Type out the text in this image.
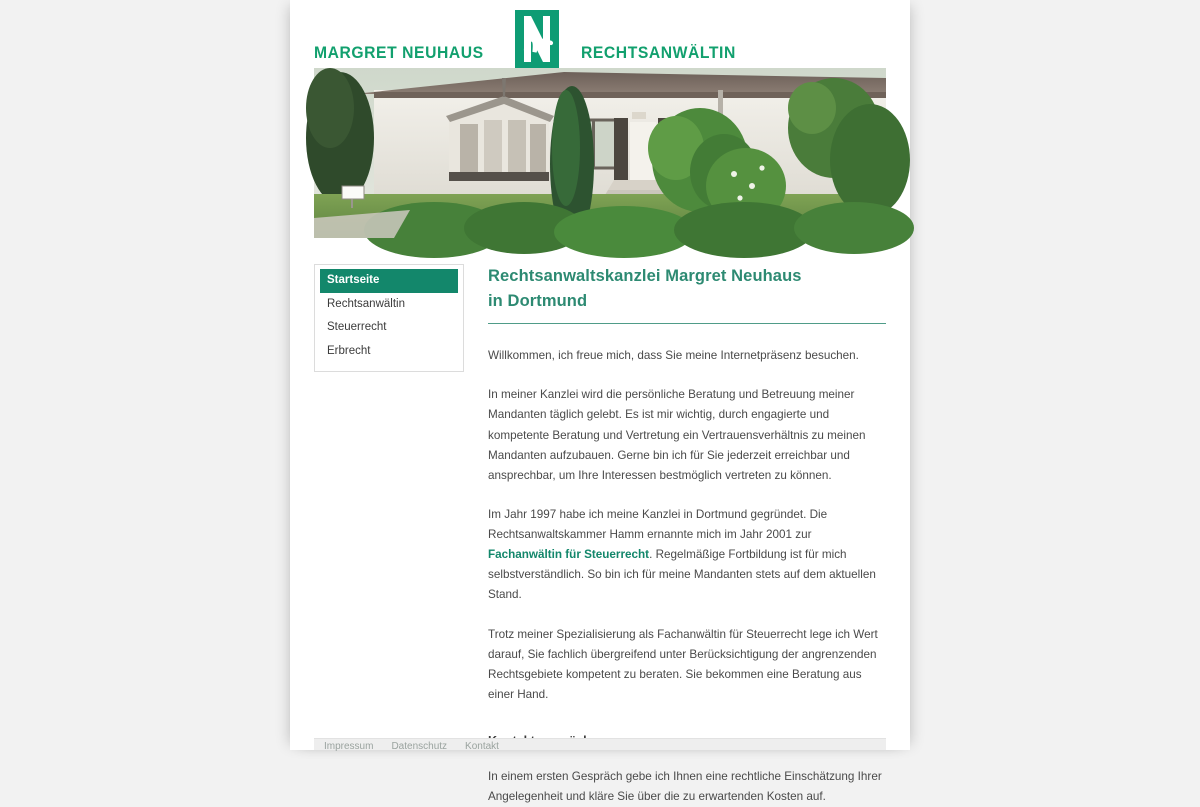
MARGRET NEUHAUS	RECHTSANWÄLTIN
Startseite
Rechtsanwältin
Steuerrecht
Erbrecht
Rechtsanwaltskanzlei Margret Neuhaus
in Dortmund

Willkommen, ich freue mich, dass Sie meine Internetpräsenz besuchen.

In meiner Kanzlei wird die persönliche Beratung und Betreuung meiner Mandanten täglich gelebt. Es ist mir wichtig, durch engagierte und kompetente Beratung und Vertretung ein Vertrauensverhältnis zu meinen Mandanten aufzubauen. Gerne bin ich für Sie jederzeit erreichbar und ansprechbar, um Ihre Interessen bestmöglich vertreten zu können.

Im Jahr 1997 habe ich meine Kanzlei in Dortmund gegründet. Die Rechtsanwaltskammer Hamm ernannte mich im Jahr 2001 zur Fachanwältin für Steuerrecht. Regelmäßige Fortbildung ist für mich selbstverständlich. So bin ich für meine Mandanten stets auf dem aktuellen Stand.

Trotz meiner Spezialisierung als Fachanwältin für Steuerrecht lege ich Wert darauf, Sie fachlich übergreifend unter Berücksichtigung der angrenzenden Rechtsgebiete kompetent zu beraten. Sie bekommen eine Beratung aus einer Hand.

In einem ersten Gespräch gebe ich Ihnen eine rechtliche Einschätzung Ihrer Angelegenheit und kläre Sie über die zu erwartenden Kosten auf.

Impressum Datenschutz Kontakt
